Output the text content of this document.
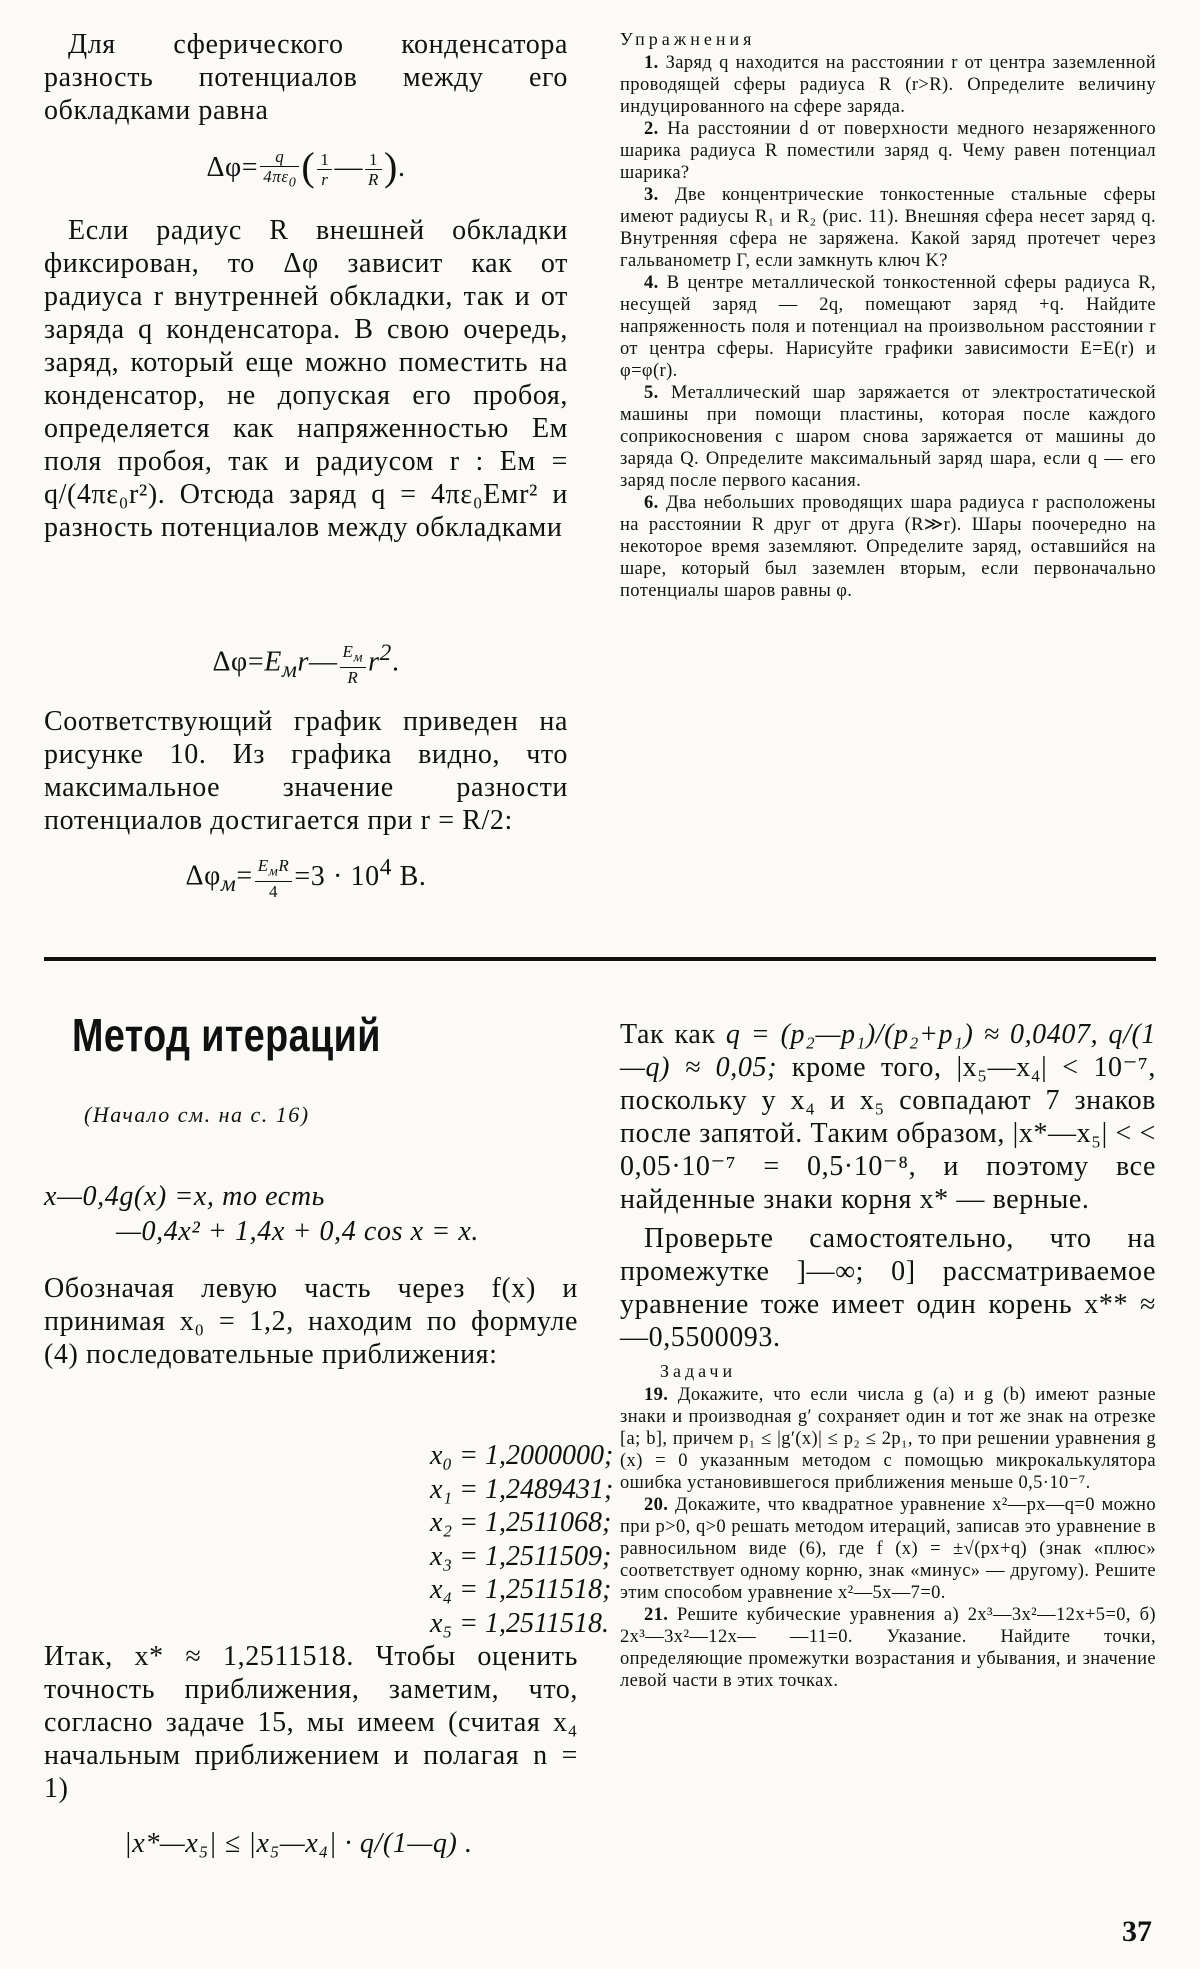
Для сферического конденсатора разность потенциалов между его обкладками равна

$\Delta\varphi= \frac{q}{4\pi\varepsilon_0}$ ( $\frac{1}{r}$ — $\frac{1}{R}$ ).

Если радиус R внешней обкладки фиксирован, то Δφ зависит как от радиуса r внутренней обкладки, так и от заряда q конденсатора. В свою очередь, заряд, который еще можно поместить на конденсатор, не допуская его пробоя, определяется как напряженностью Eм поля пробоя, так и радиусом r : Eм = q/(4πε₀r²). Отсюда заряд q = 4πε₀Eмr² и разность потенциалов между обкладками

$\Delta\varphi=E_мr— \frac{E_м}{R} r^2$.

Соответствующий график приведен на рисунке 10. Из графика видно, что максимальное значение разности потенциалов достигается при r = R/2:

$\Delta\varphi_м= \frac{E_мR}{4} =3 \cdot 10^4$ В.

Упражнения

1. Заряд q находится на расстоянии r от центра заземленной проводящей сферы радиуса R (r>R). Определите величину индуцированного на сфере заряда.

2. На расстоянии d от поверхности медного незаряженного шарика радиуса R поместили заряд q. Чему равен потенциал шарика?

3. Две концентрические тонкостенные стальные сферы имеют радиусы R₁ и R₂ (рис. 11). Внешняя сфера несет заряд q. Внутренняя сфера не заряжена. Какой заряд протечет через гальванометр Г, если замкнуть ключ K?

4. В центре металлической тонкостенной сферы радиуса R, несущей заряд — 2q, помещают заряд +q. Найдите напряженность поля и потенциал на произвольном расстоянии r от центра сферы. Нарисуйте графики зависимости E=E(r) и φ=φ(r).

5. Металлический шар заряжается от электростатической машины при помощи пластины, которая после каждого соприкосновения с шаром снова заряжается от машины до заряда Q. Определите максимальный заряд шара, если q — его заряд после первого касания.

6. Два небольших проводящих шара радиуса r расположены на расстоянии R друг от друга (R≫r). Шары поочередно на некоторое время заземляют. Определите заряд, оставшийся на шаре, который был заземлен вторым, если первоначально потенциалы шаров равны φ.

Метод итераций
(Начало см. на с. 16)
x—0,4g(x) =x, то есть
—0,4x² + 1,4x + 0,4 cos x = x.

Обозначая левую часть через f(x) и принимая x₀ = 1,2, находим по формуле (4) последовательные приближения:

x₀ = 1,2000000;
x₁ = 1,2489431;
x₂ = 1,2511068;
x₃ = 1,2511509;
x₄ = 1,2511518;
x₅ = 1,2511518.

Итак, x* ≈ 1,2511518. Чтобы оценить точность приближения, заметим, что, согласно задаче 15, мы имеем (считая x₄ начальным приближением и полагая n = 1)

|x*—x₅| ≤ |x₅—x₄| · q/(1—q) .

Так как q = (p₂—p₁)/(p₂+p₁) ≈ 0,0407, q/(1—q) ≈ 0,05; кроме того, |x₅—x₄| < 10⁻⁷, поскольку у x₄ и x₅ совпадают 7 знаков после запятой. Таким образом, |x*—x₅| < < 0,05·10⁻⁷ = 0,5·10⁻⁸, и поэтому все найденные знаки корня x* — верные.

Проверьте самостоятельно, что на промежутке ]—∞; 0] рассматриваемое уравнение тоже имеет один корень x** ≈ —0,5500093.

Задачи

19. Докажите, что если числа g (a) и g (b) имеют разные знаки и производная g′ сохраняет один и тот же знак на отрезке [a; b], причем p₁ ≤ |g′(x)| ≤ p₂ ≤ 2p₁, то при решении уравнения g (x) = 0 указанным методом с помощью микрокалькулятора ошибка установившегося приближения меньше 0,5·10⁻⁷.

20. Докажите, что квадратное уравнение x²—px—q=0 можно при p>0, q>0 решать методом итераций, записав это уравнение в равносильном виде (6), где f (x) = ±√(px+q) (знак «плюс» соответствует одному корню, знак «минус» — другому). Решите этим способом уравнение x²—5x—7=0.

21. Решите кубические уравнения а) 2x³—3x²—12x+5=0, б) 2x³—3x²—12x— —11=0. Указание. Найдите точки, определяющие промежутки возрастания и убывания, и значение левой части в этих точках.

37
